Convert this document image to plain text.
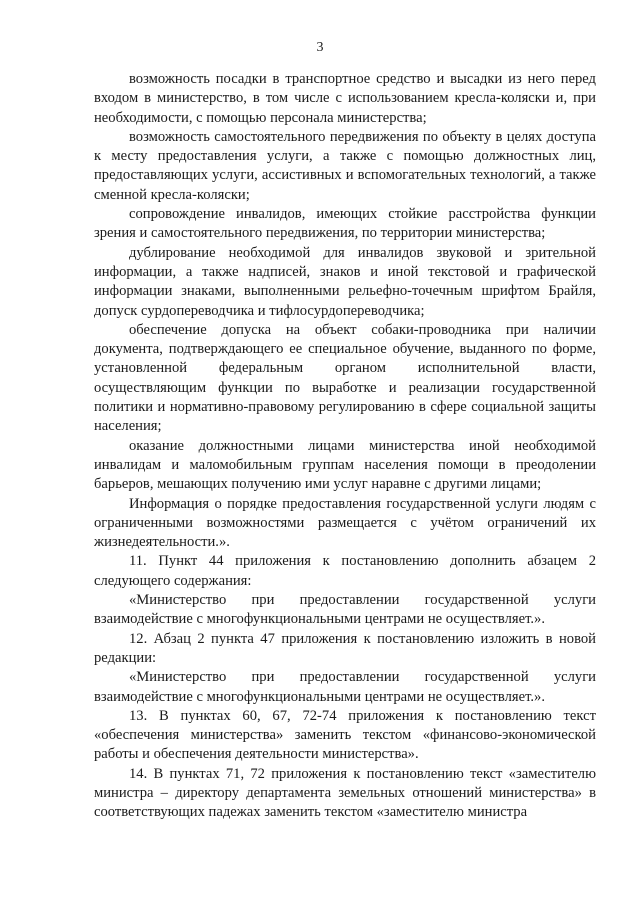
3

возможность посадки в транспортное средство и высадки из него перед входом в министерство, в том числе с использованием кресла-коляски и, при необходимости, с помощью персонала министерства;

возможность самостоятельного передвижения по объекту в целях доступа к месту предоставления услуги, а также с помощью должностных лиц, предоставляющих услуги, ассистивных и вспомогательных технологий, а также сменной кресла-коляски;

сопровождение инвалидов, имеющих стойкие расстройства функции зрения и самостоятельного передвижения, по территории министерства;

дублирование необходимой для инвалидов звуковой и зрительной информации, а также надписей, знаков и иной текстовой и графической информации знаками, выполненными рельефно-точечным шрифтом Брайля, допуск сурдопереводчика и тифлосурдопереводчика;

обеспечение допуска на объект собаки-проводника при наличии документа, подтверждающего ее специальное обучение, выданного по форме, установленной федеральным органом исполнительной власти, осуществляющим функции по выработке и реализации государственной политики и нормативно-правовому регулированию в сфере социальной защиты населения;

оказание должностными лицами министерства иной необходимой инвалидам и маломобильным группам населения помощи в преодолении барьеров, мешающих получению ими услуг наравне с другими лицами;

Информация о порядке предоставления государственной услуги людям с ограниченными возможностями размещается с учётом ограничений их жизнедеятельности.».

11. Пункт 44 приложения к постановлению дополнить абзацем 2 следующего содержания:

«Министерство при предоставлении государственной услуги взаимодействие с многофункциональными центрами не осуществляет.».

12. Абзац 2 пункта 47 приложения к постановлению изложить в новой редакции:

«Министерство при предоставлении государственной услуги взаимодействие с многофункциональными центрами не осуществляет.».

13. В пунктах 60, 67, 72-74 приложения к постановлению текст «обеспечения министерства» заменить текстом «финансово-экономической работы и обеспечения деятельности министерства».

14. В пунктах 71, 72 приложения к постановлению текст «заместителю министра – директору департамента земельных отношений министерства» в соответствующих падежах заменить текстом «заместителю министра
